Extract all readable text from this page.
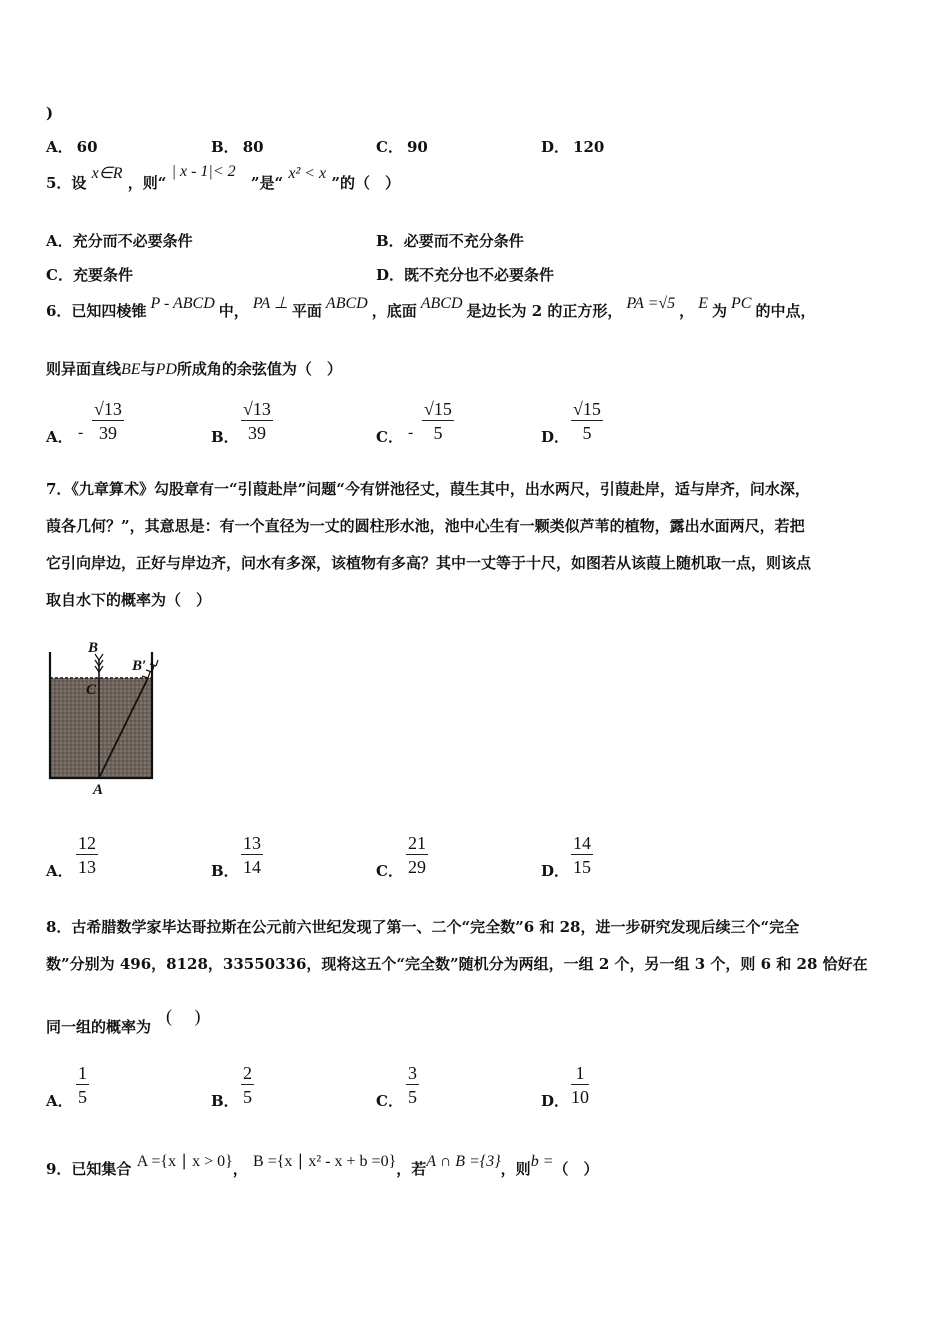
)
A． 60	B． 80	C． 90	D． 120
5．设 x∈R ，则“ | x - 1|< 2 ”是“ x² < x ”的（　）
A．充分而不必要条件	B．必要而不充分条件
C．充要条件	D．既不充分也不必要条件
6．已知四棱锥 P - ABCD 中， PA ⊥ 平面 ABCD ，底面 ABCD 是边长为 2 的正方形， PA =√5 ， E 为 PC 的中点，
则异面直线BE与PD所成角的余弦值为（　）
A． - $\frac{√13}{39}$	B． $\frac{√13}{39}$	C． - $\frac{√15}{5}$	D． $\frac{√15}{5}$
7．《九章算术》勾股章有一“引葭赴岸”问题“今有饼池径丈，葭生其中，出水两尺，引葭赴岸，适与岸齐，问水深，
葭各几何？”，其意思是：有一个直径为一丈的圆柱形水池，池中心生有一颗类似芦苇的植物，露出水面两尺，若把
它引向岸边，正好与岸边齐，问水有多深，该植物有多高？其中一丈等于十尺，如图若从该葭上随机取一点，则该点
取自水下的概率为（　）
B
B′
C
A
A． $\frac{12}{13}$	B． $\frac{13}{14}$	C． $\frac{21}{29}$	D． $\frac{14}{15}$
8．古希腊数学家毕达哥拉斯在公元前六世纪发现了第一、二个“完全数”6 和 28，进一步研究发现后续三个“完全
数”分别为 496，8128，33550336，现将这五个“完全数”随机分为两组，一组 2 个，另一组 3 个，则 6 和 28 恰好在
同一组的概率为
(　 )
A． $\frac{1}{5}$	B． $\frac{2}{5}$	C． $\frac{3}{5}$	D． $\frac{1}{10}$
9．已知集合 A ={x ∣ x > 0}， B ={x ∣ x² - x + b =0}，若A ∩ B ={3}，则b =（　）
